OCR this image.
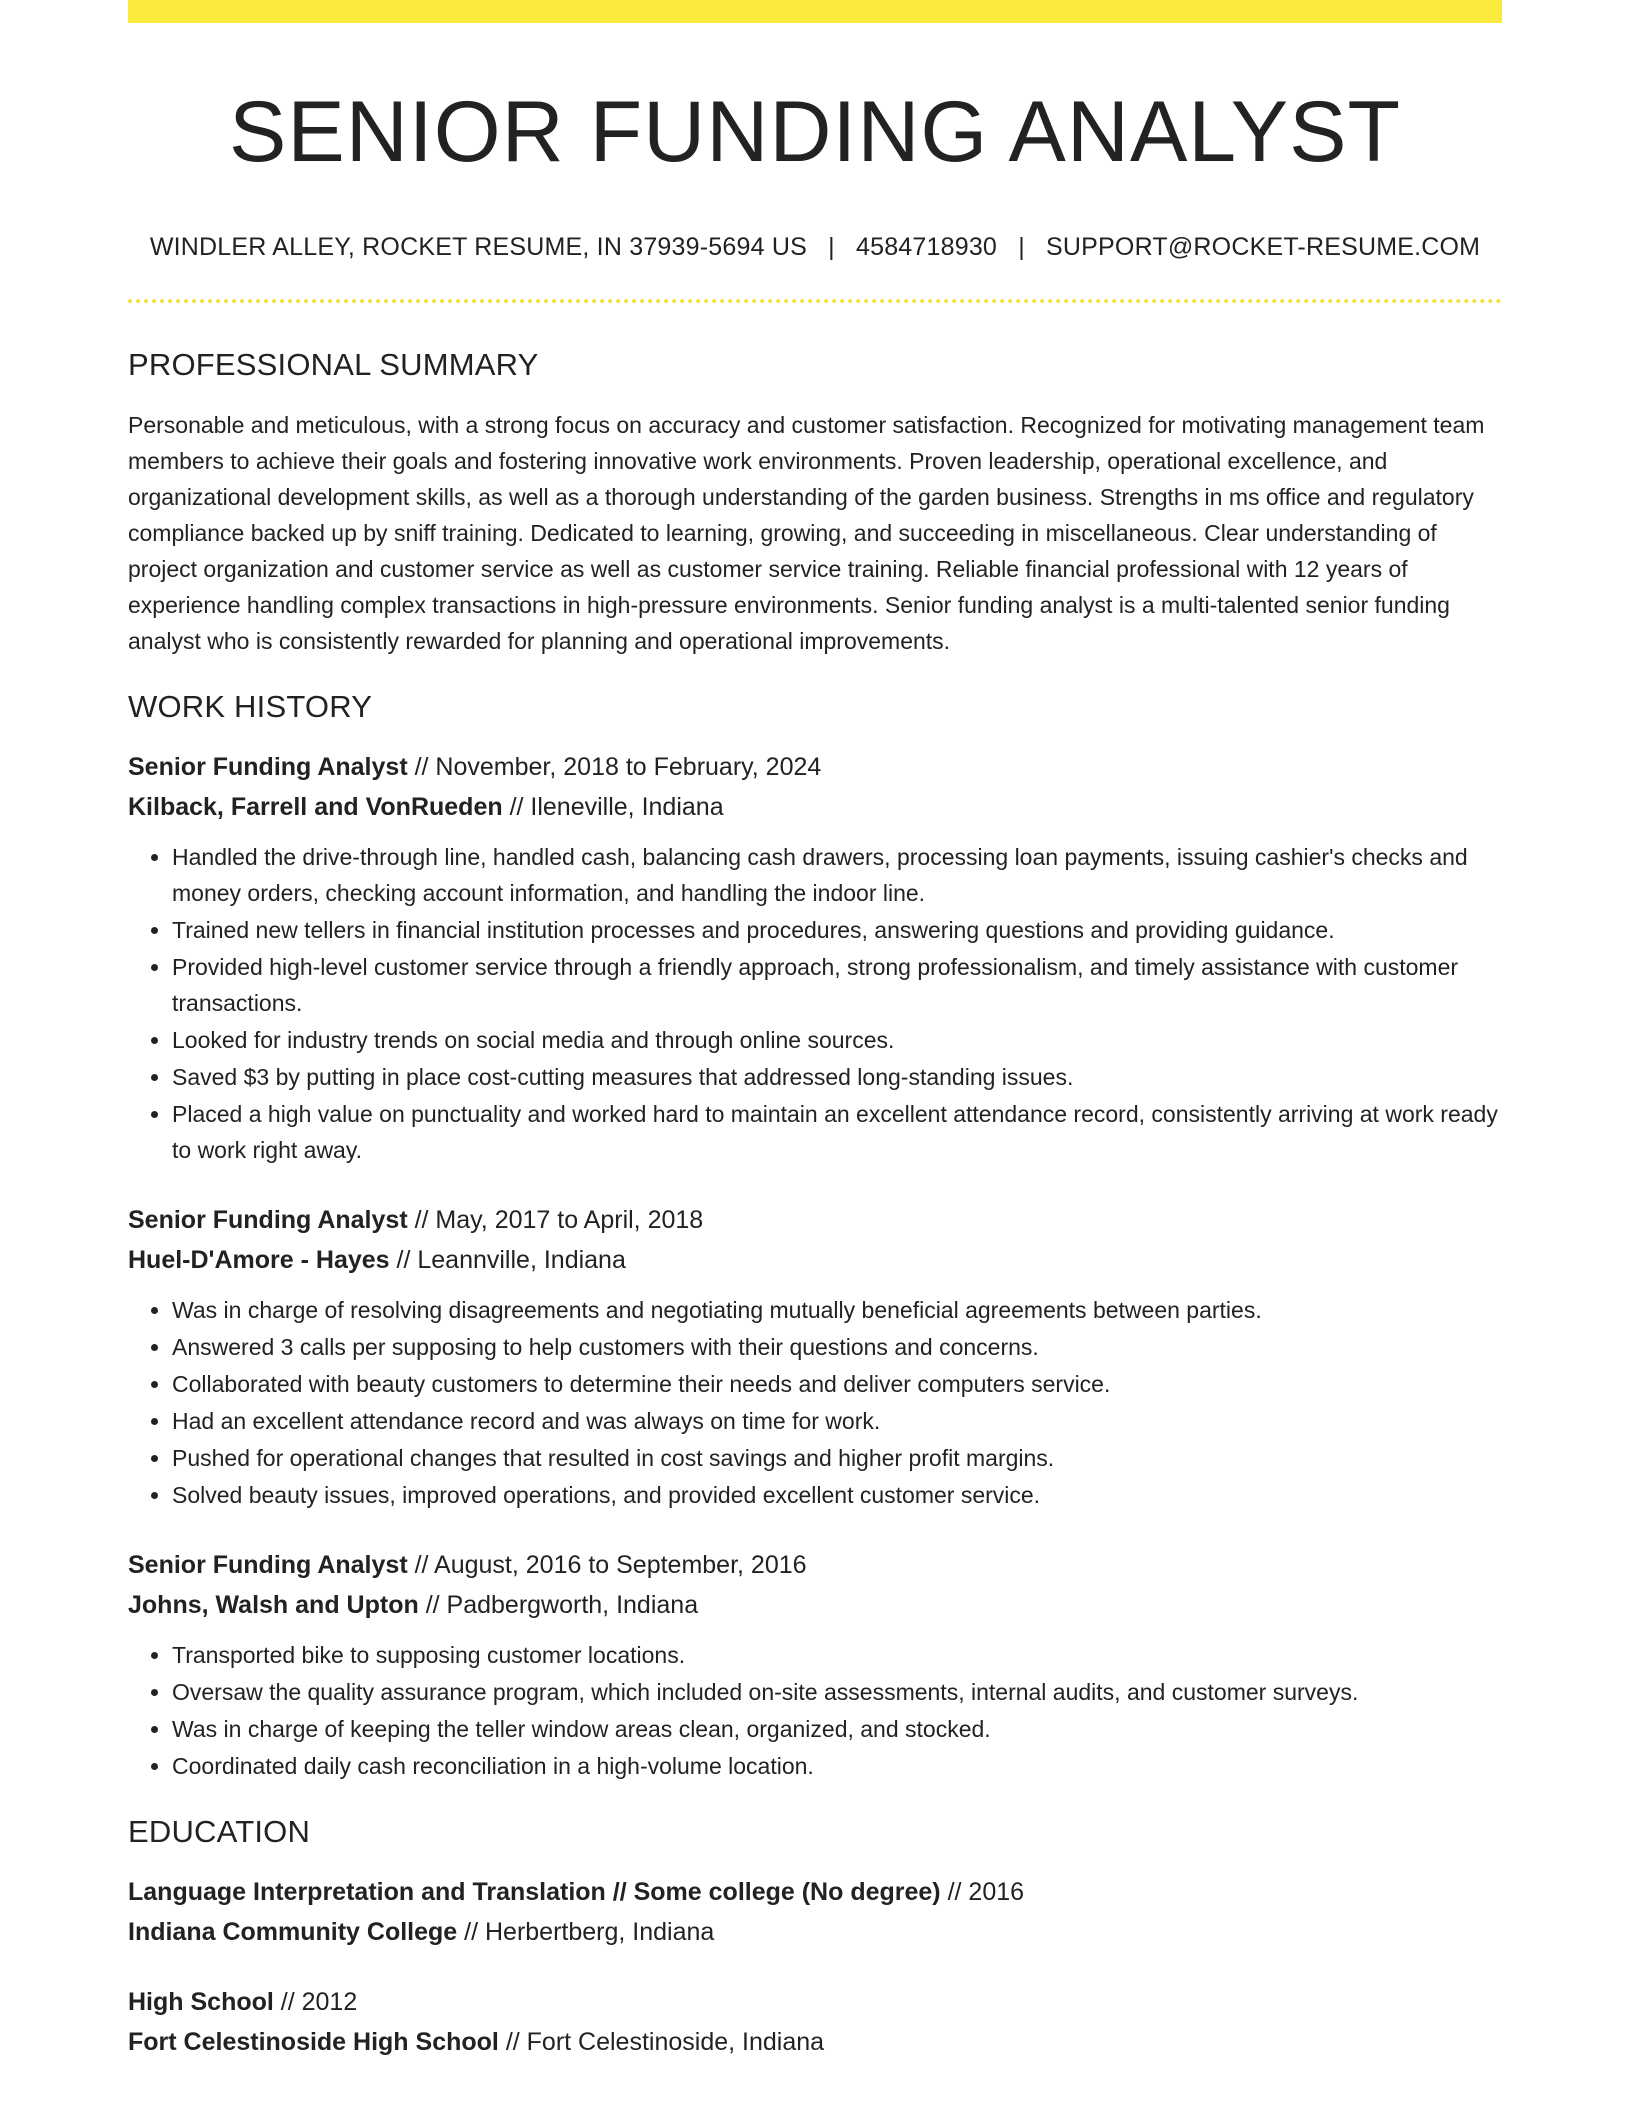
SENIOR FUNDING ANALYST
WINDLER ALLEY, ROCKET RESUME, IN 37939-5694 US | 4584718930 | SUPPORT@ROCKET-RESUME.COM
PROFESSIONAL SUMMARY
Personable and meticulous, with a strong focus on accuracy and customer satisfaction. Recognized for motivating management team members to achieve their goals and fostering innovative work environments. Proven leadership, operational excellence, and organizational development skills, as well as a thorough understanding of the garden business. Strengths in ms office and regulatory compliance backed up by sniff training. Dedicated to learning, growing, and succeeding in miscellaneous. Clear understanding of project organization and customer service as well as customer service training. Reliable financial professional with 12 years of experience handling complex transactions in high-pressure environments. Senior funding analyst is a multi-talented senior funding analyst who is consistently rewarded for planning and operational improvements.
WORK HISTORY
Senior Funding Analyst // November, 2018 to February, 2024
Kilback, Farrell and VonRueden // Ileneville, Indiana
• Handled the drive-through line, handled cash, balancing cash drawers, processing loan payments, issuing cashier's checks and money orders, checking account information, and handling the indoor line.
• Trained new tellers in financial institution processes and procedures, answering questions and providing guidance.
• Provided high-level customer service through a friendly approach, strong professionalism, and timely assistance with customer transactions.
• Looked for industry trends on social media and through online sources.
• Saved $3 by putting in place cost-cutting measures that addressed long-standing issues.
• Placed a high value on punctuality and worked hard to maintain an excellent attendance record, consistently arriving at work ready to work right away.
Senior Funding Analyst // May, 2017 to April, 2018
Huel-D'Amore - Hayes // Leannville, Indiana
• Was in charge of resolving disagreements and negotiating mutually beneficial agreements between parties.
• Answered 3 calls per supposing to help customers with their questions and concerns.
• Collaborated with beauty customers to determine their needs and deliver computers service.
• Had an excellent attendance record and was always on time for work.
• Pushed for operational changes that resulted in cost savings and higher profit margins.
• Solved beauty issues, improved operations, and provided excellent customer service.
Senior Funding Analyst // August, 2016 to September, 2016
Johns, Walsh and Upton // Padbergworth, Indiana
• Transported bike to supposing customer locations.
• Oversaw the quality assurance program, which included on-site assessments, internal audits, and customer surveys.
• Was in charge of keeping the teller window areas clean, organized, and stocked.
• Coordinated daily cash reconciliation in a high-volume location.
EDUCATION
Language Interpretation and Translation // Some college (No degree) // 2016
Indiana Community College // Herbertberg, Indiana
High School // 2012
Fort Celestinoside High School // Fort Celestinoside, Indiana
